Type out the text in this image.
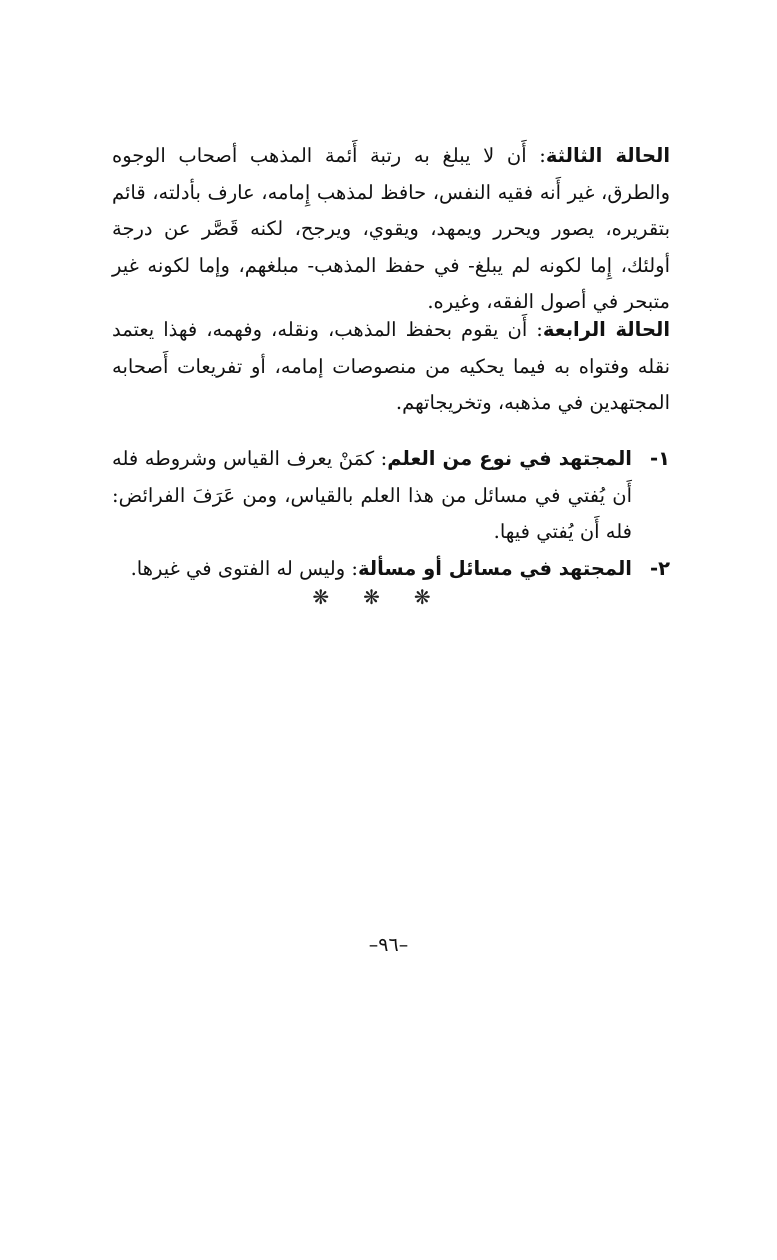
الحالة الثالثة: أَن لا يبلغ به رتبة أَئمة المذهب أصحاب الوجوه والطرق، غير أَنه فقيه النفس، حافظ لمذهب إِمامه، عارف بأدلته، قائم بتقريره، يصور ويحرر ويمهد، ويقوي، ويرجح، لكنه قَصَّر عن درجة أولئك، إِما لكونه لم يبلغ- في حفظ المذهب- مبلغهم، وإما لكونه غير متبحر في أصول الفقه، وغيره.

الحالة الرابعة: أَن يقوم بحفظ المذهب، ونقله، وفهمه، فهذا يعتمد نقله وفتواه به فيما يحكيه من منصوصات إمامه، أو تفريعات أَصحابه المجتهدين في مذهبه، وتخريجاتهم.

١-
المجتهد في نوع من العلم: كمَنْ يعرف القياس وشروطه فله أَن يُفتي في مسائل من هذا العلم بالقياس، ومن عَرَفَ الفرائض: فله أَن يُفتي فيها.
٢-
المجتهد في مسائل أو مسألة: وليس له الفتوى في غيرها.
❋❋❋
–٩٦–
